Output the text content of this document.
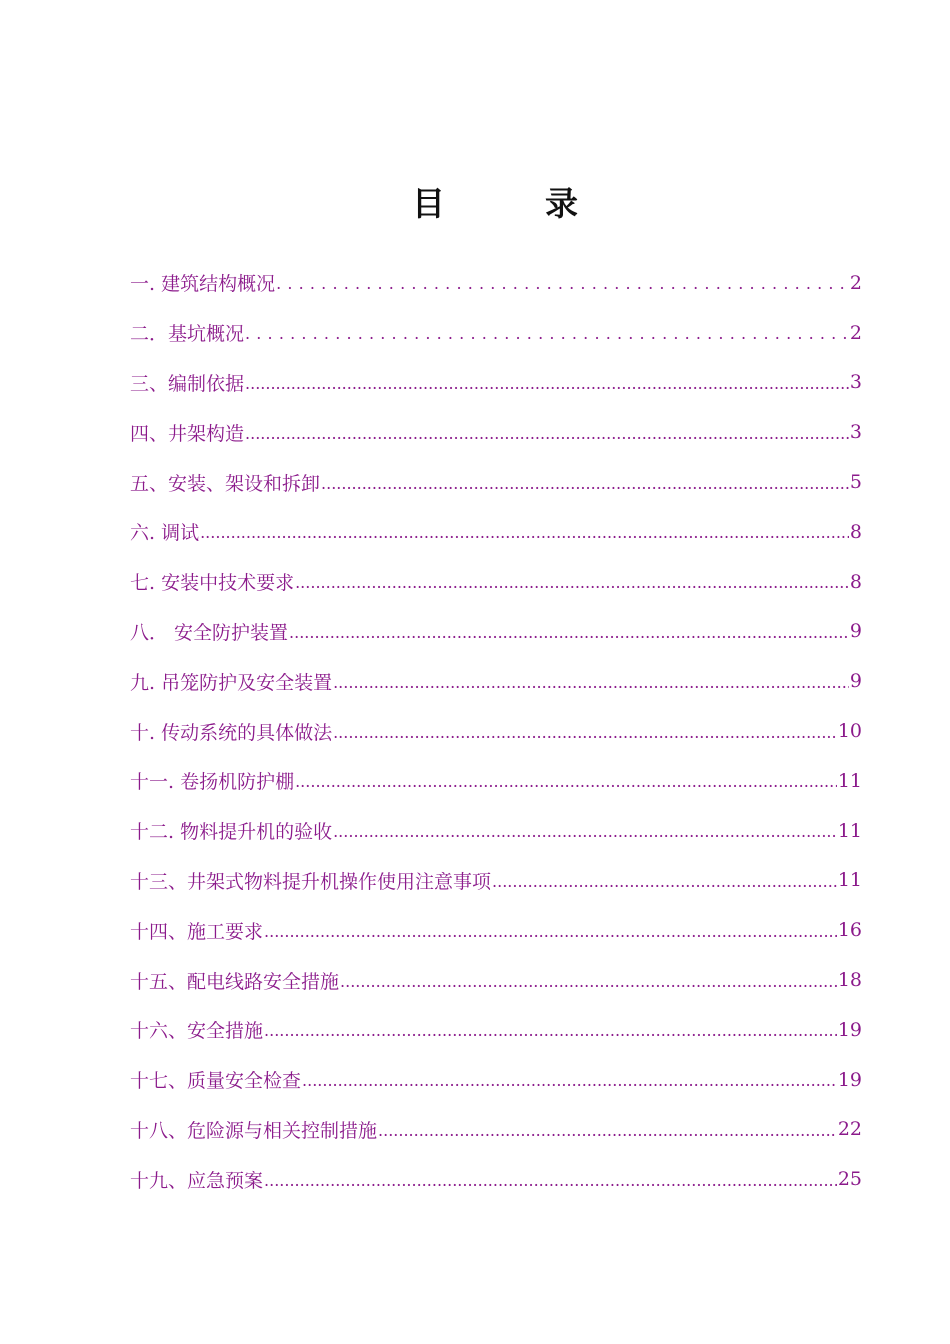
目	录
一. 建筑结构概况 . . .	2
二．基坑概况 . . .	2
三、编制依据 .....	3
四、井架构造 .....	3
五、安装、架设和拆卸 .....	5
六. 调试 .....	8
七. 安装中技术要求 .....	8
八． 安全防护装置 .....	9
九. 吊笼防护及安全装置 .....	9
十. 传动系统的具体做法 .....	10
十一. 卷扬机防护棚 .....	11
十二. 物料提升机的验收 .....	11
十三、井架式物料提升机操作使用注意事项 .....	11
十四、施工要求 .....	16
十五、配电线路安全措施 .....	18
十六、安全措施 .....	19
十七、质量安全检查 .....	19
十八、危险源与相关控制措施 .....	22
十九、应急预案 .....	25
